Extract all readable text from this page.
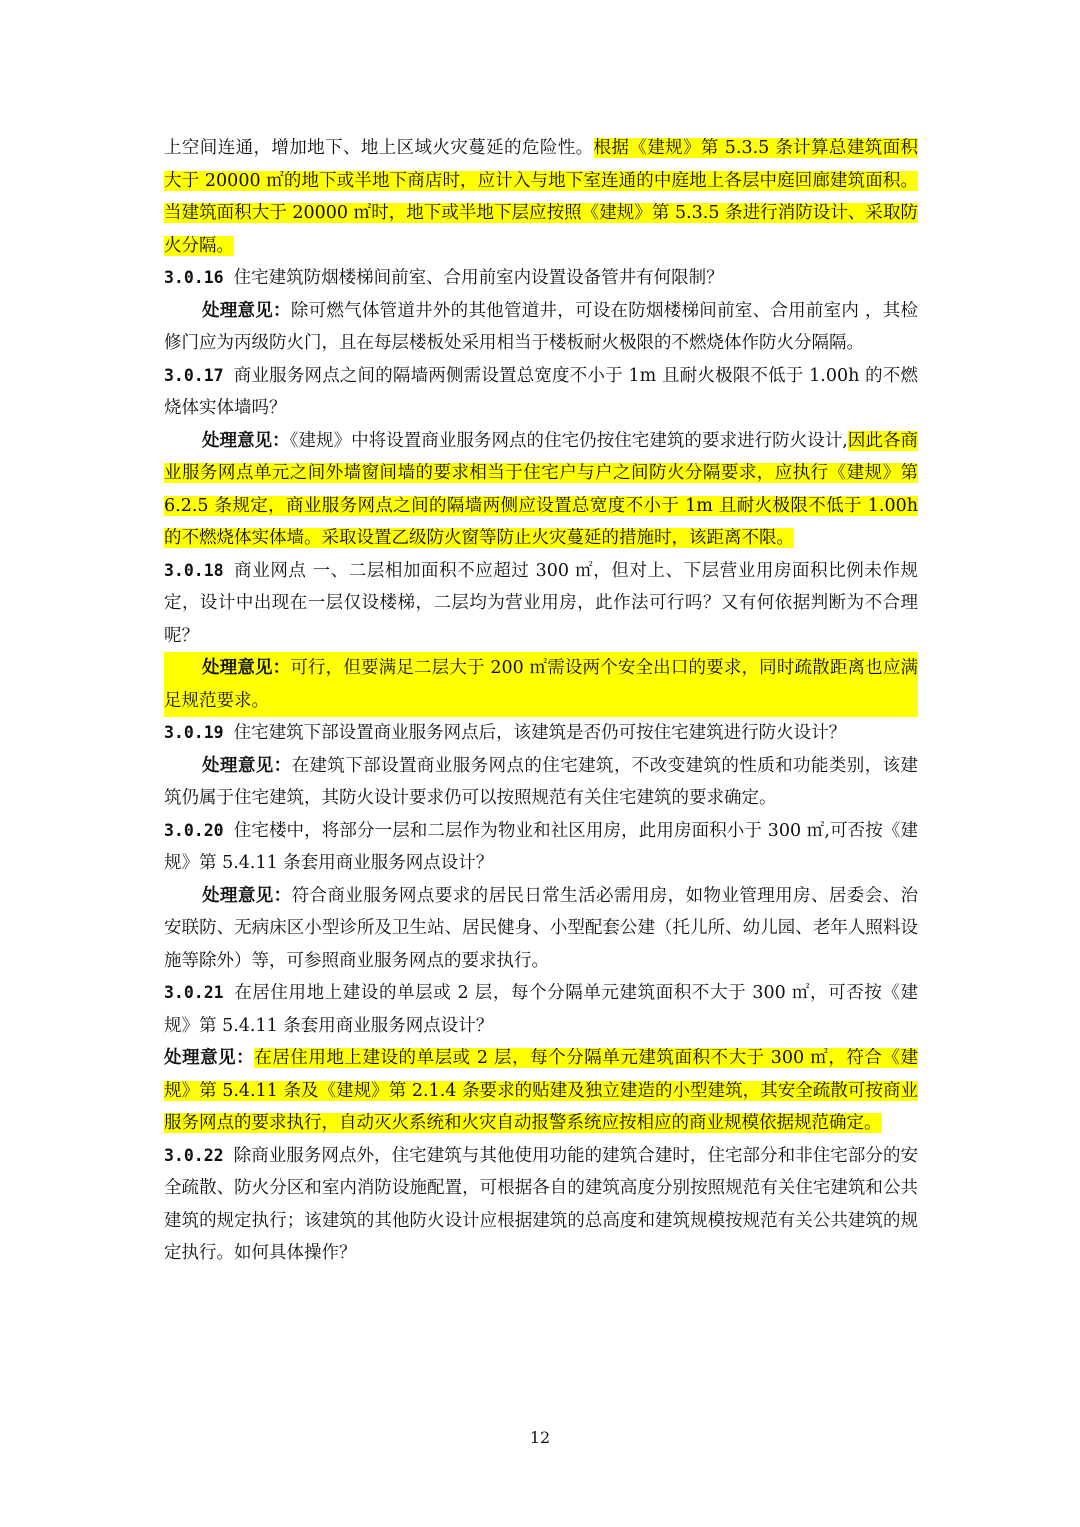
上空间连通，增加地下、地上区域火灾蔓延的危险性。根据《建规》第 5.3.5 条计算总建筑面积大于 20000 ㎡的地下或半地下商店时，应计入与地下室连通的中庭地上各层中庭回廊建筑面积。当建筑面积大于 20000 ㎡时，地下或半地下层应按照《建规》第 5.3.5 条进行消防设计、采取防火分隔。

3.0.16 住宅建筑防烟楼梯间前室、合用前室内设置设备管井有何限制？

处理意见：除可燃气体管道井外的其他管道井，可设在防烟楼梯间前室、合用前室内 ，其检修门应为丙级防火门，且在每层楼板处采用相当于楼板耐火极限的不燃烧体作防火分隔隔。

3.0.17 商业服务网点之间的隔墙两侧需设置总宽度不小于 1m 且耐火极限不低于 1.00h 的不燃烧体实体墙吗？

处理意见：《建规》中将设置商业服务网点的住宅仍按住宅建筑的要求进行防火设计,因此各商业服务网点单元之间外墙窗间墙的要求相当于住宅户与户之间防火分隔要求，应执行《建规》第 6.2.5 条规定，商业服务网点之间的隔墙两侧应设置总宽度不小于 1m 且耐火极限不低于 1.00h 的不燃烧体实体墙。采取设置乙级防火窗等防止火灾蔓延的措施时，该距离不限。

3.0.18 商业网点 一、二层相加面积不应超过 300 ㎡，但对上、下层营业用房面积比例未作规定，设计中出现在一层仅设楼梯，二层均为营业用房，此作法可行吗？又有何依据判断为不合理呢？

处理意见：可行，但要满足二层大于 200 ㎡需设两个安全出口的要求，同时疏散距离也应满足规范要求。

3.0.19 住宅建筑下部设置商业服务网点后，该建筑是否仍可按住宅建筑进行防火设计？

处理意见：在建筑下部设置商业服务网点的住宅建筑，不改变建筑的性质和功能类别，该建筑仍属于住宅建筑，其防火设计要求仍可以按照规范有关住宅建筑的要求确定。

3.0.20 住宅楼中，将部分一层和二层作为物业和社区用房，此用房面积小于 300 ㎡,可否按《建规》第 5.4.11 条套用商业服务网点设计？

处理意见：符合商业服务网点要求的居民日常生活必需用房，如物业管理用房、居委会、治安联防、无病床区小型诊所及卫生站、居民健身、小型配套公建（托儿所、幼儿园、老年人照料设施等除外）等，可参照商业服务网点的要求执行。

3.0.21 在居住用地上建设的单层或 2 层，每个分隔单元建筑面积不大于 300 ㎡，可否按《建规》第 5.4.11 条套用商业服务网点设计？

处理意见：在居住用地上建设的单层或 2 层，每个分隔单元建筑面积不大于 300 ㎡，符合《建规》第 5.4.11 条及《建规》第 2.1.4 条要求的贴建及独立建造的小型建筑，其安全疏散可按商业服务网点的要求执行，自动灭火系统和火灾自动报警系统应按相应的商业规模依据规范确定。

3.0.22 除商业服务网点外，住宅建筑与其他使用功能的建筑合建时，住宅部分和非住宅部分的安全疏散、防火分区和室内消防设施配置，可根据各自的建筑高度分别按照规范有关住宅建筑和公共建筑的规定执行；该建筑的其他防火设计应根据建筑的总高度和建筑规模按规范有关公共建筑的规定执行。如何具体操作？

12
